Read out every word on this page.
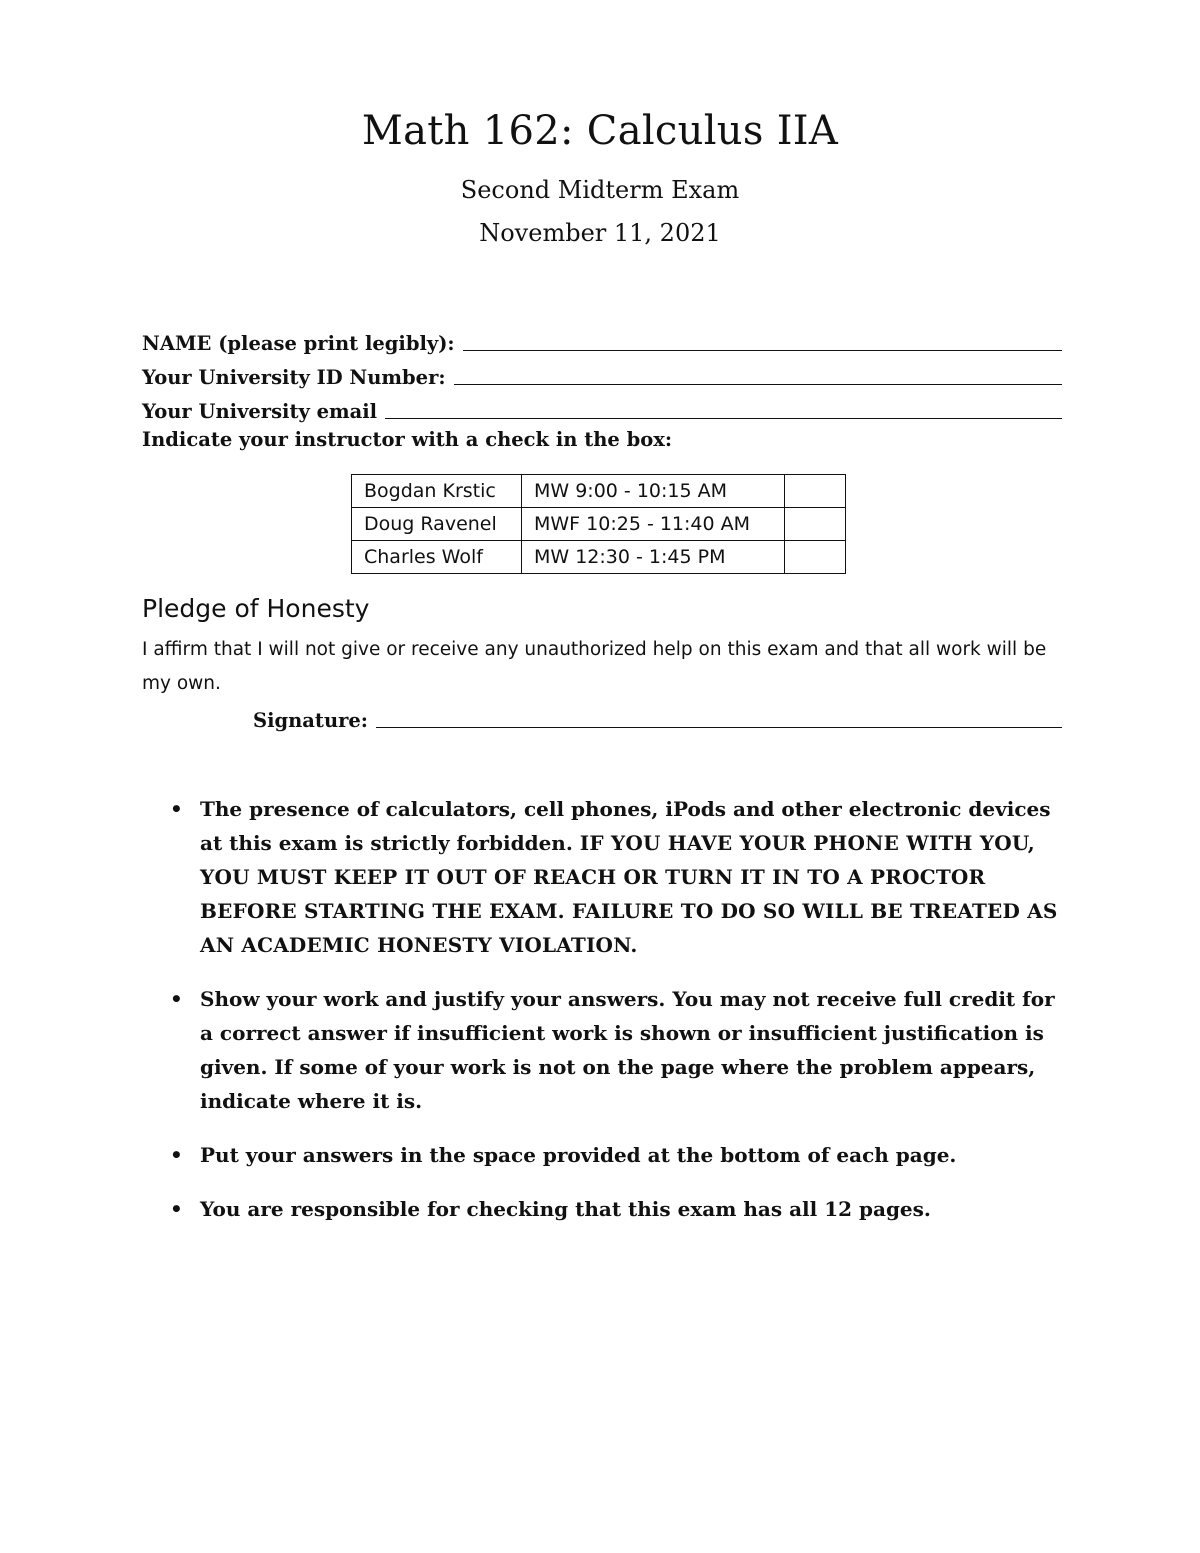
Math 162: Calculus IIA
Second Midterm Exam
November 11, 2021
NAME (please print legibly):
Your University ID Number:
Your University email
Indicate your instructor with a check in the box:
Bogdan Krstic	MW 9:00 - 10:15 AM	
Doug Ravenel	MWF 10:25 - 11:40 AM	
Charles Wolf	MW 12:30 - 1:45 PM	
Pledge of Honesty
I affirm that I will not give or receive any unauthorized help on this exam and that all work will be my own.
Signature:
• The presence of calculators, cell phones, iPods and other electronic devices at this exam is strictly forbidden. IF YOU HAVE YOUR PHONE WITH YOU, YOU MUST KEEP IT OUT OF REACH OR TURN IT IN TO A PROCTOR BEFORE STARTING THE EXAM. FAILURE TO DO SO WILL BE TREATED AS AN ACADEMIC HONESTY VIOLATION.
• Show your work and justify your answers. You may not receive full credit for a correct answer if insufficient work is shown or insufficient justification is given. If some of your work is not on the page where the problem appears, indicate where it is.
• Put your answers in the space provided at the bottom of each page.
• You are responsible for checking that this exam has all 12 pages.
